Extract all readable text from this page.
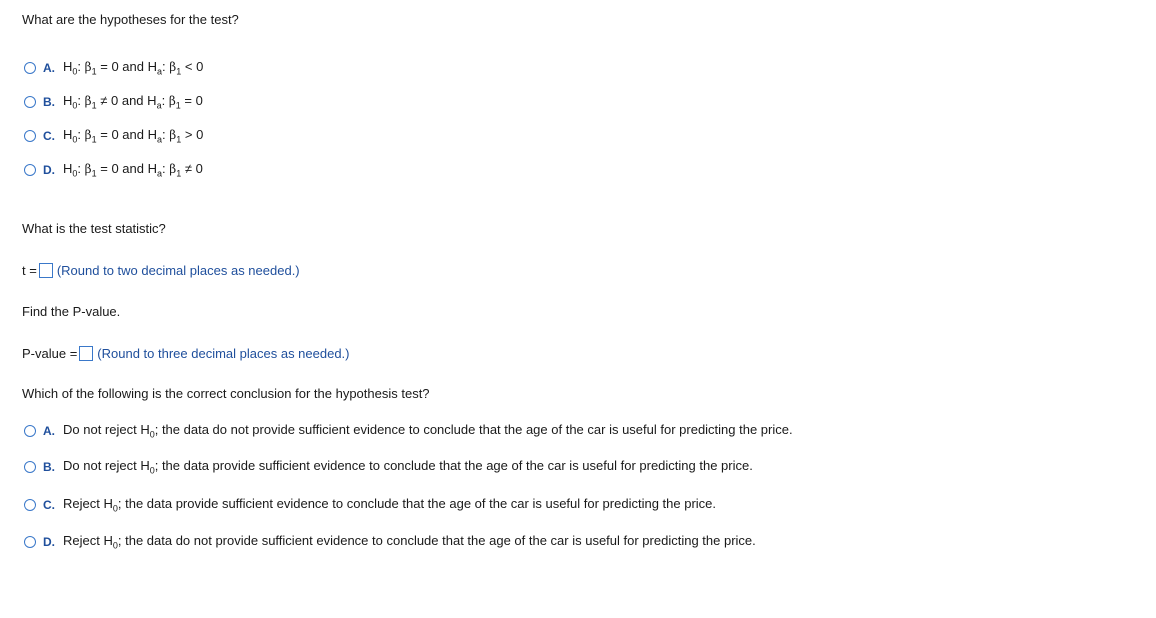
What are the hypotheses for the test?
A. $H_0$: $\beta_1 = 0$ and $H_a$: $\beta_1 < 0$
B. $H_0$: $\beta_1 \ne 0$ and $H_a$: $\beta_1 = 0$
C. $H_0$: $\beta_1 = 0$ and $H_a$: $\beta_1 > 0$
D. $H_0$: $\beta_1 = 0$ and $H_a$: $\beta_1 \ne 0$
What is the test statistic?
t = (Round to two decimal places as needed.)
Find the P-value.
P-value = (Round to three decimal places as needed.)
Which of the following is the correct conclusion for the hypothesis test?
A. Do not reject $H_0$; the data do not provide sufficient evidence to conclude that the age of the car is useful for predicting the price.
B. Do not reject $H_0$; the data provide sufficient evidence to conclude that the age of the car is useful for predicting the price.
C. Reject $H_0$; the data provide sufficient evidence to conclude that the age of the car is useful for predicting the price.
D. Reject $H_0$; the data do not provide sufficient evidence to conclude that the age of the car is useful for predicting the price.
